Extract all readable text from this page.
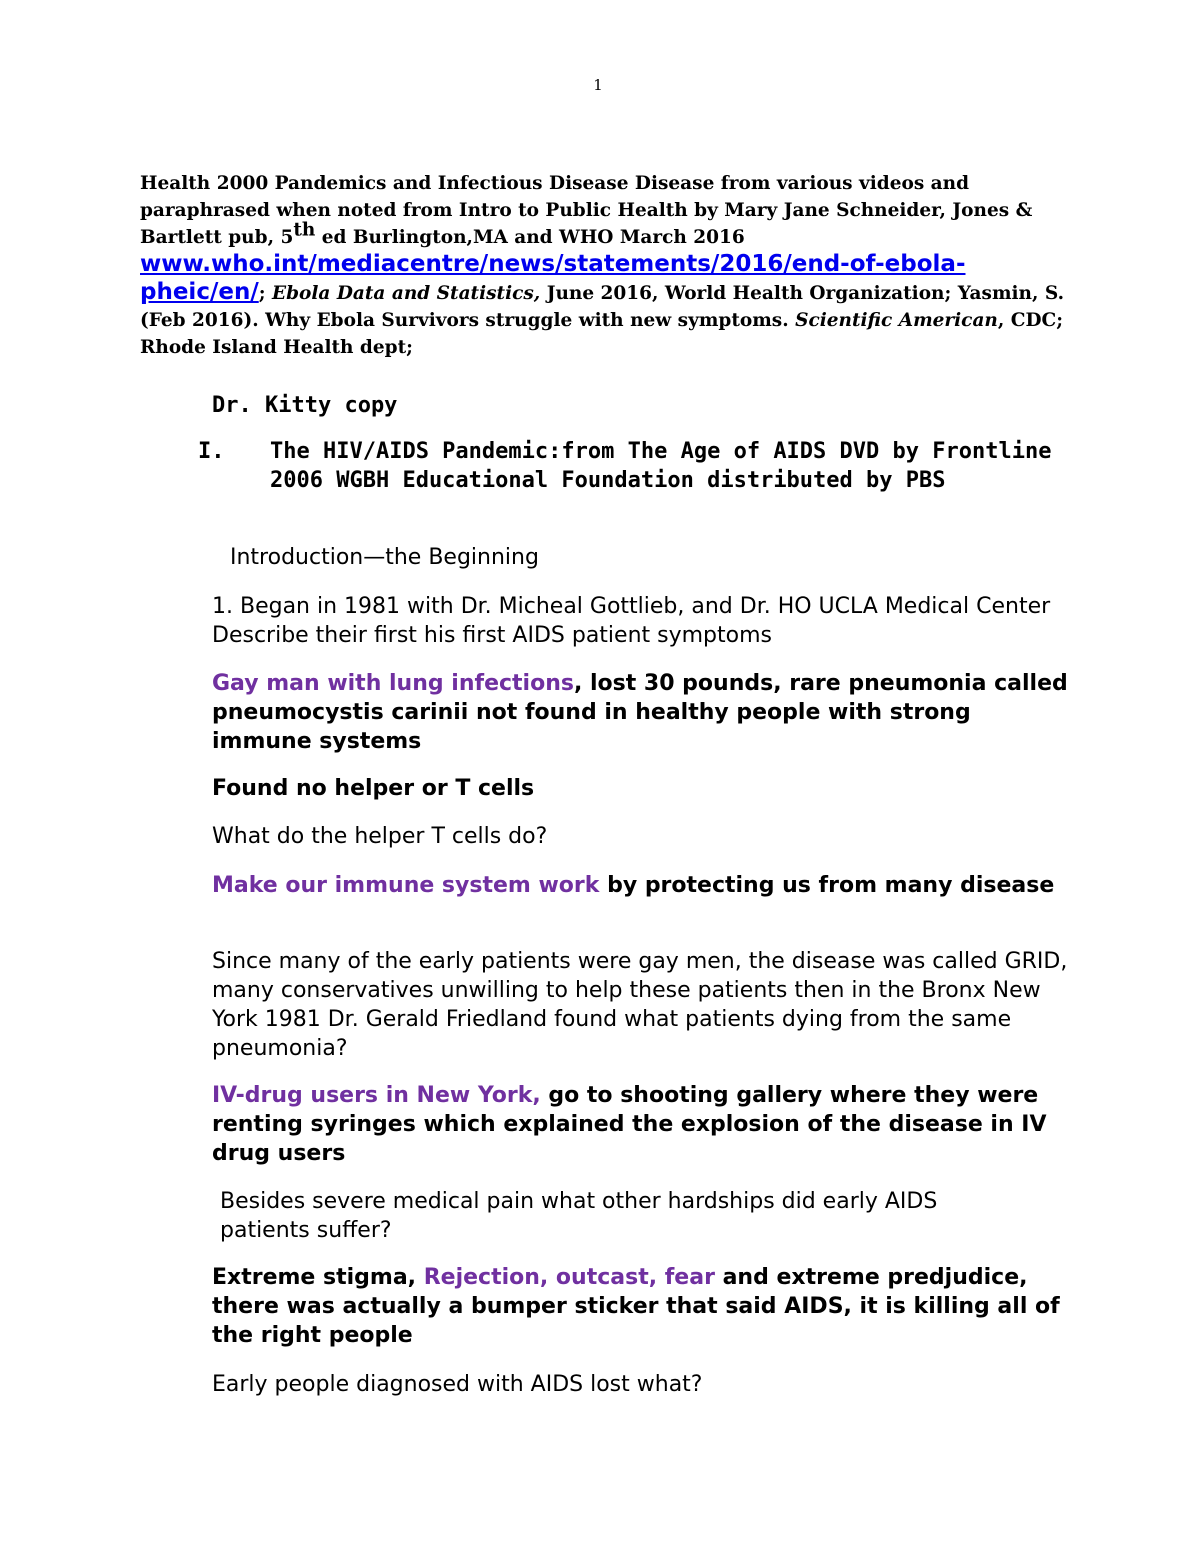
1
Health 2000 Pandemics and Infectious Disease Disease from various videos and paraphrased when noted from Intro to Public Health by Mary Jane Schneider, Jones & Bartlett pub, 5th ed Burlington,MA and WHO March 2016
www.who.int/mediacentre/news/statements/2016/end-of-ebola-
pheic/en/; Ebola Data and Statistics, June 2016, World Health Organization; Yasmin, S. (Feb 2016). Why Ebola Survivors struggle with new symptoms. Scientific American, CDC; Rhode Island Health dept;
Dr. Kitty copy
I. The HIV/AIDS Pandemic:from The Age of AIDS DVD by Frontline 2006 WGBH Educational Foundation distributed by PBS
Introduction—the Beginning
1. Began in 1981 with Dr. Micheal Gottlieb, and Dr. HO UCLA Medical Center Describe their first his first AIDS patient symptoms
Gay man with lung infections, lost 30 pounds, rare pneumonia called pneumocystis carinii not found in healthy people with strong immune systems
Found no helper or T cells
What do the helper T cells do?
Make our immune system work by protecting us from many disease
Since many of the early patients were gay men, the disease was called GRID, many conservatives unwilling to help these patients then in the Bronx New York 1981 Dr. Gerald Friedland found what patients dying from the same pneumonia?
IV-drug users in New York, go to shooting gallery where they were renting syringes which explained the explosion of the disease in IV drug users
Besides severe medical pain what other hardships did early AIDS patients suffer?
Extreme stigma, Rejection, outcast, fear and extreme predjudice, there was actually a bumper sticker that said AIDS, it is killing all of the right people
Early people diagnosed with AIDS lost what?
